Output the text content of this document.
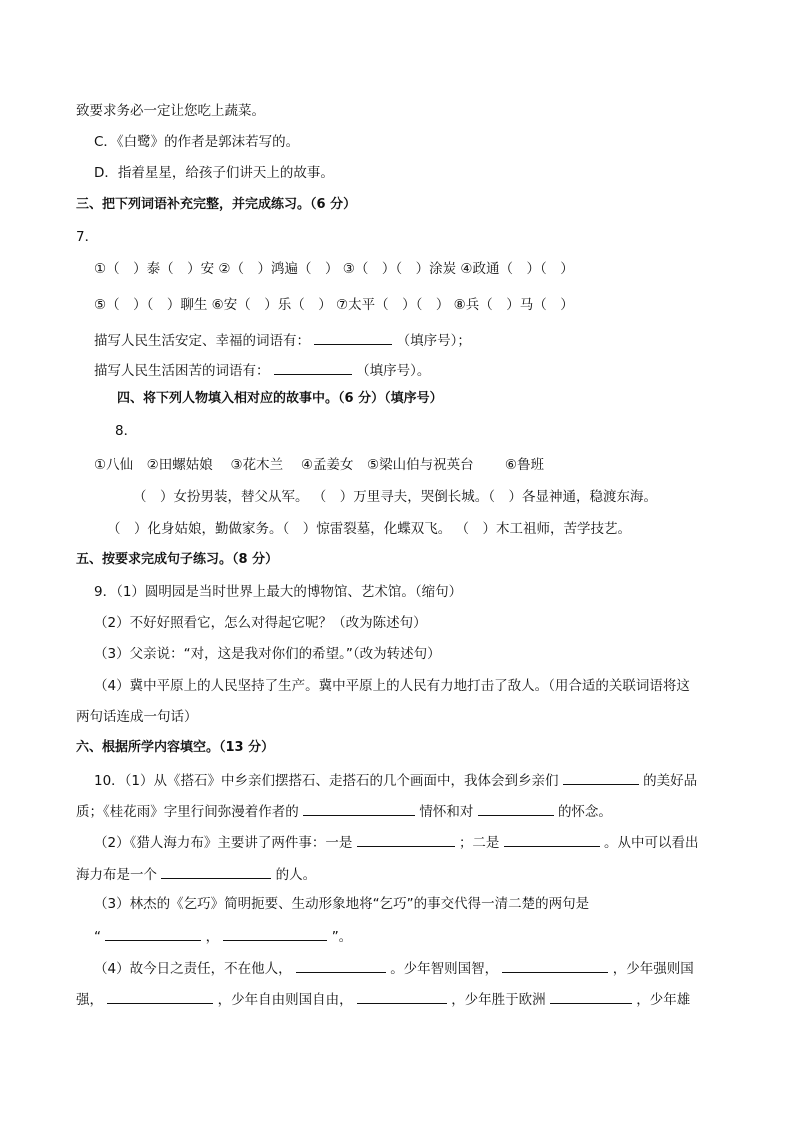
致要求务必一定让您吃上蔬菜。
C．《白鹭》的作者是郭沫若写的。
D．指着星星，给孩子们讲天上的故事。
三、把下列词语补充完整，并完成练习。（6 分）
7．
①（　）泰（　）安 ②（　）鸿遍（　） ③（　）（　）涂炭 ④政通（　）（　）
⑤（　）（　）聊生 ⑥安（　）乐（　） ⑦太平（　）（　） ⑧兵（　）马（　）
描写人民生活安定、幸福的词语有：	（填序号）；
描写人民生活困苦的词语有：	（填序号）。
四、将下列人物填入相对应的故事中。（6 分）（填序号）
8．
①八仙　②田螺姑娘　 ③花木兰　 ④孟姜女　⑤梁山伯与祝英台　　 ⑥鲁班
（　）女扮男装，替父从军。 （　）万里寻夫，哭倒长城。（　）各显神通，稳渡东海。
（　）化身姑娘，勤做家务。（　）惊雷裂墓，化蝶双飞。 （　）木工祖师，苦学技艺。
五、按要求完成句子练习。（8 分）
9．（1）圆明园是当时世界上最大的博物馆、艺术馆。（缩句）
（2）不好好照看它，怎么对得起它呢？（改为陈述句）
（3）父亲说：“对，这是我对你们的希望。”（改为转述句）
（4）冀中平原上的人民坚持了生产。冀中平原上的人民有力地打击了敌人。（用合适的关联词语将这
两句话连成一句话）
六、根据所学内容填空。（13 分）
10．（1）从《搭石》中乡亲们摆搭石、走搭石的几个画面中，我体会到乡亲们	的美好品
质；《桂花雨》字里行间弥漫着作者的	情怀和对	的怀念。
（2）《猎人海力布》主要讲了两件事：一是	；二是	。从中可以看出
海力布是一个	的人。
（3）林杰的《乞巧》简明扼要、生动形象地将“乞巧”的事交代得一清二楚的两句是
“	，	”。
（4）故今日之责任，不在他人，	。少年智则国智，	，少年强则国
强，	，少年自由则国自由，	，少年胜于欧洲	，少年雄
